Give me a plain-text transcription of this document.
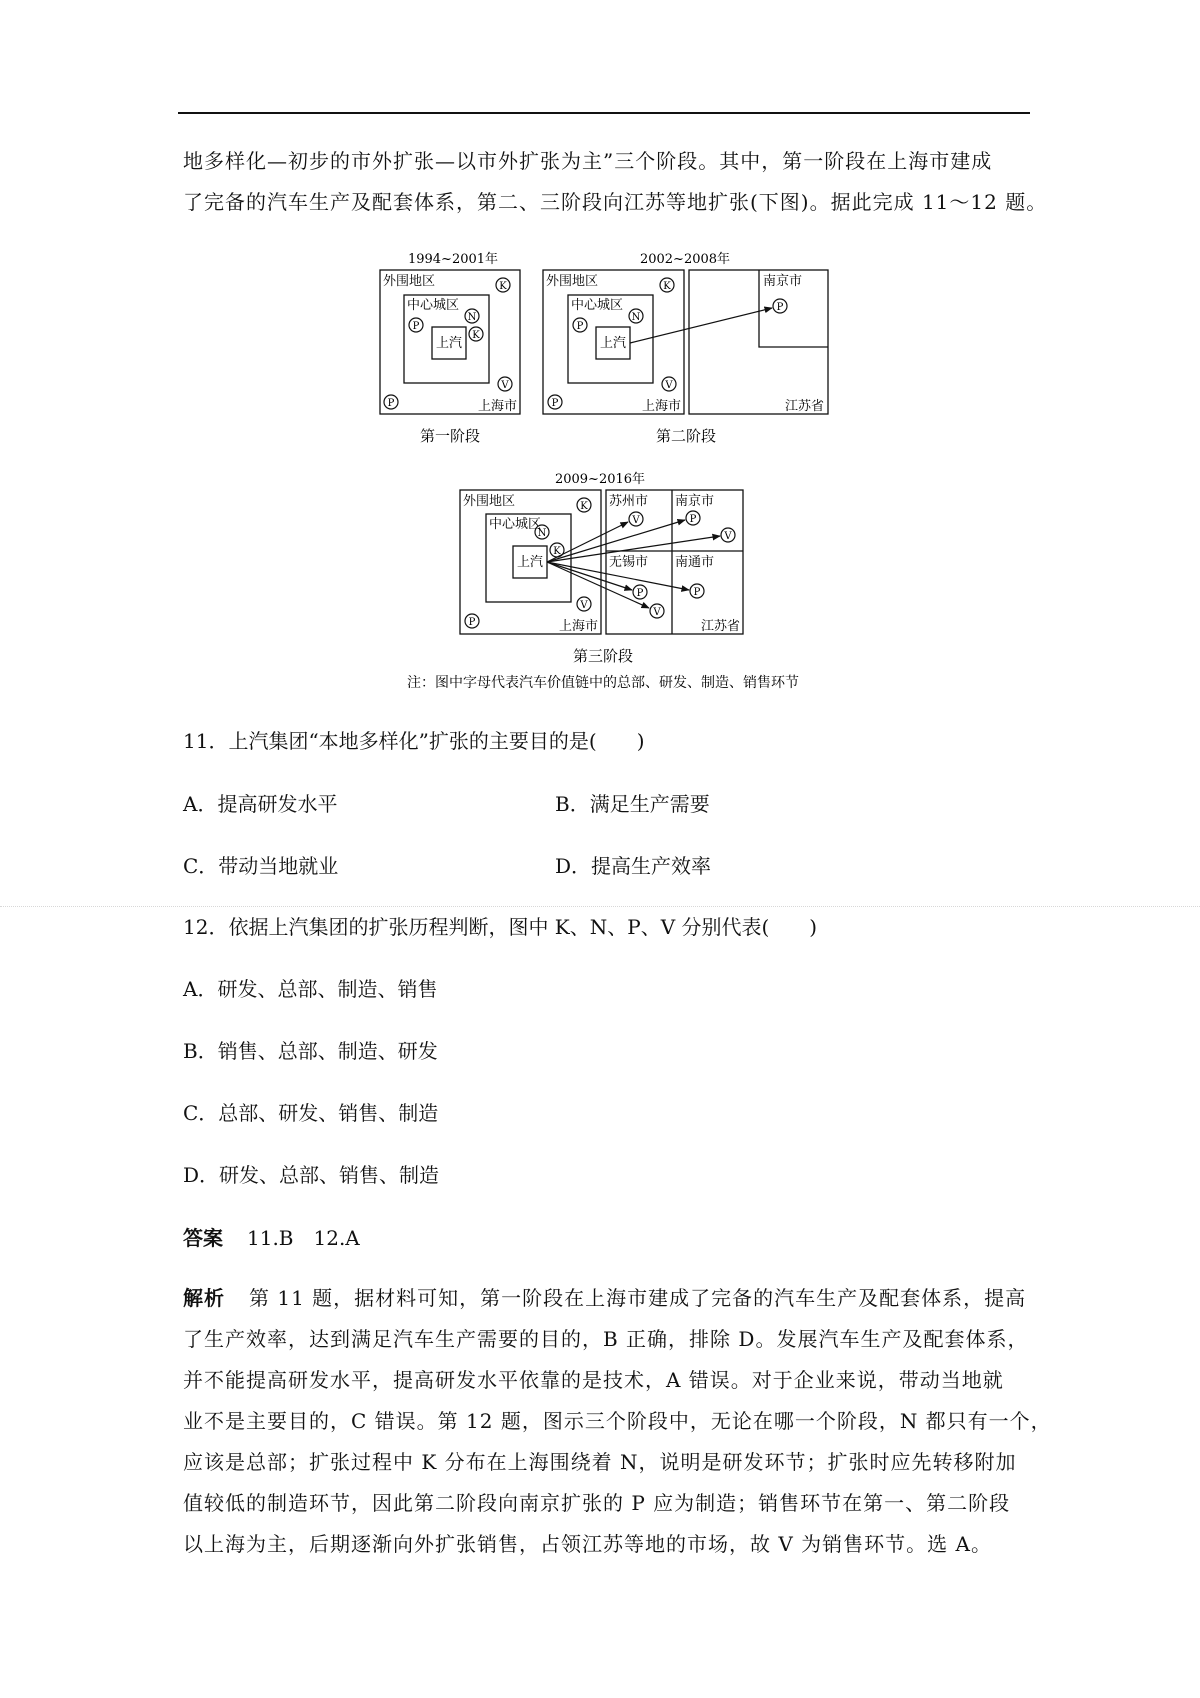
地多样化—初步的市外扩张—以市外扩张为主”三个阶段。其中，第一阶段在上海市建成
了完备的汽车生产及配套体系，第二、三阶段向江苏等地扩张(下图)。据此完成 11～12 题。
1994~2001年
外围地区
中心城区
上汽
上海市
K
N
P
K
V
P
第一阶段
2002~2008年
外围地区
中心城区
上汽
上海市
K
N
P
V
P
南京市
P
江苏省
第二阶段
2009~2016年
外围地区
中心城区
上汽
上海市
K
N
K
V
P
苏州市 南京市
无锡市 南通市
江苏省
V	P
V
P
V
P
第三阶段
注：图中字母代表汽车价值链中的总部、研发、制造、销售环节
11．上汽集团“本地多样化”扩张的主要目的是(　　)
A．提高研发水平	B．满足生产需要
C．带动当地就业	D．提高生产效率
12．依据上汽集团的扩张历程判断，图中 K、N、P、V 分别代表(　　)
A．研发、总部、制造、销售
B．销售、总部、制造、研发
C．总部、研发、销售、制造
D．研发、总部、销售、制造
答案 11.B　12.A
解析 第 11 题，据材料可知，第一阶段在上海市建成了完备的汽车生产及配套体系，提高
了生产效率，达到满足汽车生产需要的目的，B 正确，排除 D。发展汽车生产及配套体系，
并不能提高研发水平，提高研发水平依靠的是技术，A 错误。对于企业来说，带动当地就
业不是主要目的，C 错误。第 12 题，图示三个阶段中，无论在哪一个阶段，N 都只有一个，
应该是总部；扩张过程中 K 分布在上海围绕着 N，说明是研发环节；扩张时应先转移附加
值较低的制造环节，因此第二阶段向南京扩张的 P 应为制造；销售环节在第一、第二阶段
以上海为主，后期逐渐向外扩张销售，占领江苏等地的市场，故 V 为销售环节。选 A。
